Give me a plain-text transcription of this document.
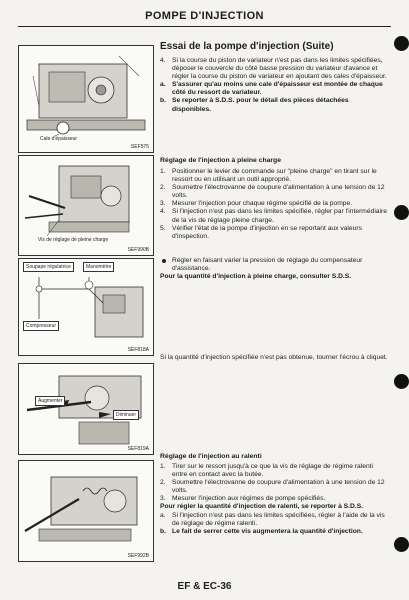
POMPE D'INJECTION
Cale d'épaisseur
SEF575
Vis de réglage de pleine charge
SEF990B
Soupape régulatrice	Manomètre
Compresseur
SEF818A
Augmenter
Diminuer
SEF819A
SEF992B
Essai de la pompe d'injection (Suite)
4. Si la course du piston de variateur n'est pas dans les limites spécifiées, déposer le couvercle du côté basse pression du variateur d'avance et régler la course du piston de variateur en ajoutant des cales d'épaisseur.
a. S'assurer qu'au moins une cale d'épaisseur est montée de chaque côté du ressort de variateur.
b. Se reporter à S.D.S. pour le détail des pièces détachées disponibles.
Réglage de l'injection à pleine charge
1. Positionner le levier de commande sur "pleine charge" en tirant sur le ressort ou en utilisant un outil approprié.
2. Soumettre l'électrovanne de coupure d'alimentation à une tension de 12 volts.
3. Mesurer l'injection pour chaque régime spécifié de la pompe.
4. Si l'injection n'est pas dans les limites spécifiée, régler par l'intermédiaire de la vis de réglage pleine charge.
5. Vérifier l'état de la pompe d'injection en se reportant aux valeurs d'inspection.
Régler en faisant varier la pression de réglage du compensateur d'assistance.
Pour la quantité d'injection à pleine charge, consulter S.D.S.
Si la quantité d'injection spécifiée n'est pas obtenue, tourner l'écrou à cliquet.
Réglage de l'injection au ralenti
1. Tirer sur le ressort jusqu'à ce que la vis de réglage de régime ralenti entre en contact avec la butée.
2. Soumettre l'électrovanne de coupure d'alimentation à une tension de 12 volts.
3. Mesurer l'injection aux régimes de pompe spécifiés.
Pour régler la quantité d'injection de ralenti, se reporter à S.D.S.
a. Si l'injection n'est pas dans les limites spécifiées, régler à l'aide de la vis de réglage de régime ralenti.
b. Le fait de serrer cette vis augmentera la quantité d'injection.
EF & EC-36
